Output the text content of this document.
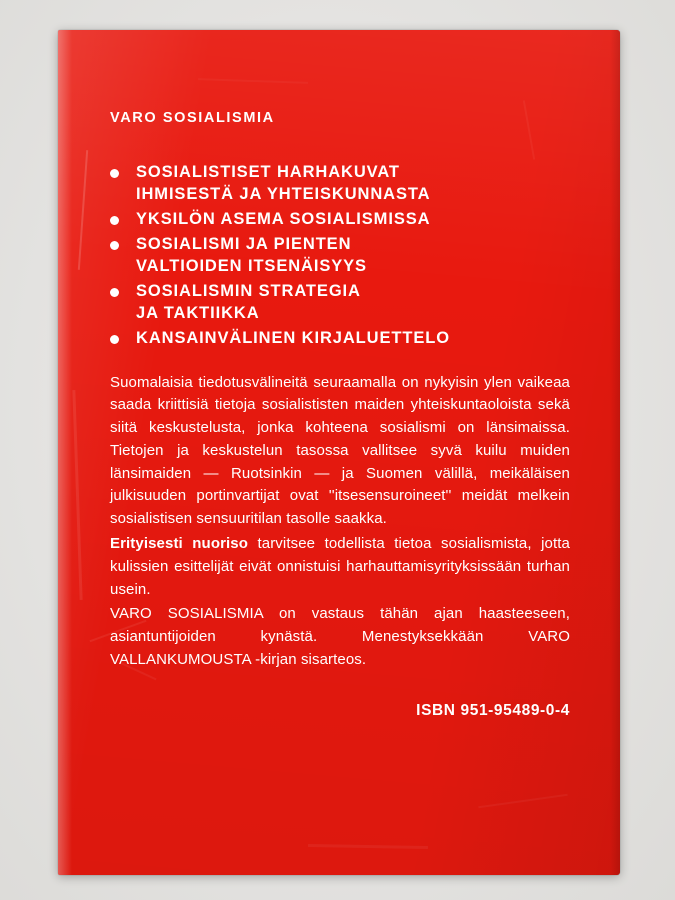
VARO SOSIALISMIA
SOSIALISTISET HARHAKUVAT
IHMISESTÄ JA YHTEISKUNNASTA
YKSILÖN ASEMA SOSIALISMISSA
SOSIALISMI JA PIENTEN
VALTIOIDEN ITSENÄISYYS
SOSIALISMIN STRATEGIA
JA TAKTIIKKA
KANSAINVÄLINEN KIRJALUETTELO

Suomalaisia tiedotusvälineitä seuraamalla on nykyisin ylen vaikeaa saada kriittisiä tietoja sosialististen maiden yhteiskuntaoloista sekä siitä keskustelusta, jonka kohteena sosialismi on länsimaissa. Tietojen ja keskustelun tasossa vallitsee syvä kuilu muiden länsimaiden — Ruotsinkin — ja Suomen välillä, meikäläisen julkisuuden portinvartijat ovat ''itsesensuroineet'' meidät melkein sosialistisen sensuuritilan tasolle saakka.

Erityisesti nuoriso tarvitsee todellista tietoa sosialismista, jotta kulissien esittelijät eivät onnistuisi harhauttamisyrityksissään turhan usein.

VARO SOSIALISMIA on vastaus tähän ajan haasteeseen, asiantuntijoiden kynästä. Menestyksekkään VARO VALLANKUMOUSTA -kirjan sisarteos.

ISBN 951-95489-0-4
